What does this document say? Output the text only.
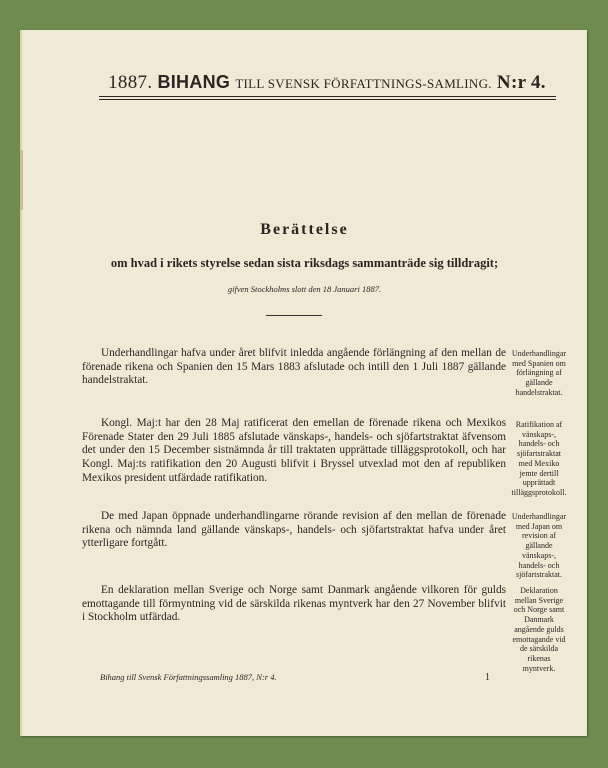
1887. BIHANG TILL SVENSK FÖRFATTNINGS-SAMLING. N:r 4.
Berättelse
om hvad i rikets styrelse sedan sista riksdags sammanträde sig tilldragit;
gifven Stockholms slott den 18 Januari 1887.
Underhandlingar hafva under året blifvit inledda angående förlängning af den mellan de förenade rikena och Spanien den 15 Mars 1883 afslutade och intill den 1 Juli 1887 gällande handelstraktat.
Underhandlingar med Spanien om förlängning af gällande handelstraktat.
Kongl. Maj:t har den 28 Maj ratificerat den emellan de förenade rikena och Mexikos Förenade Stater den 29 Juli 1885 afslutade vänskaps-, handels- och sjöfartstraktat äfvensom det under den 15 December sistnämnda år till traktaten upprättade tilläggsprotokoll, och har Kongl. Maj:ts ratifikation den 20 Augusti blifvit i Bryssel utvexlad mot den af republiken Mexikos president utfärdade ratifikation.
Ratifikation af vänskaps-, handels- och sjöfartstraktat med Mexiko jemte dertill upprättadt tilläggsprotokoll.
De med Japan öppnade underhandlingarne rörande revision af den mellan de förenade rikena och nämnda land gällande vänskaps-, handels- och sjöfartstraktat hafva under året ytterligare fortgått.
Underhandlingar med Japan om revision af gällande vänskaps-, handels- och sjöfartstraktat.
En deklaration mellan Sverige och Norge samt Danmark angående vilkoren för gulds emottagande till förmyntning vid de särskilda rikenas myntverk har den 27 November blifvit i Stockholm utfärdad.
Deklaration mellan Sverige och Norge samt Danmark angående gulds emottagande vid de särskilda rikenas myntverk.
Bihang till Svensk Författningssamling 1887, N:r 4.	1
